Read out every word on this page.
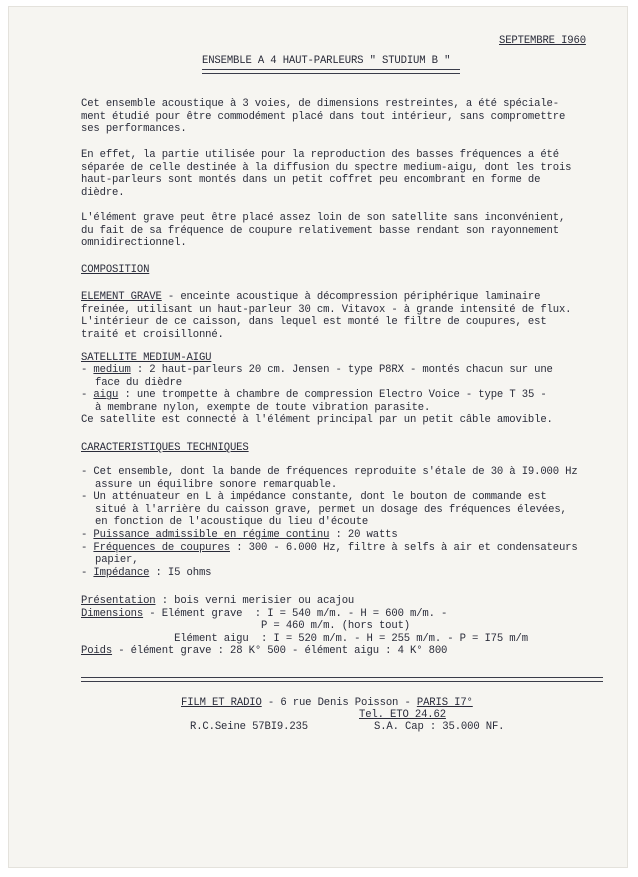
SEPTEMBRE I960
ENSEMBLE A 4 HAUT-PARLEURS " STUDIUM B "
Cet ensemble acoustique à 3 voies, de dimensions restreintes, a été spéciale-
ment étudié pour être commodément placé dans tout intérieur, sans compromettre
ses performances.
En effet, la partie utilisée pour la reproduction des basses fréquences a été
séparée de celle destinée à la diffusion du spectre medium-aigu, dont les trois
haut-parleurs sont montés dans un petit coffret peu encombrant en forme de
dièdre.
L'élément grave peut être placé assez loin de son satellite sans inconvénient,
du fait de sa fréquence de coupure relativement basse rendant son rayonnement
omnidirectionnel.
COMPOSITION
ELEMENT GRAVE - enceinte acoustique à décompression périphérique laminaire
freinée, utilisant un haut-parleur 30 cm. Vitavox - à grande intensité de flux.
L'intérieur de ce caisson, dans lequel est monté le filtre de coupures, est
traité et croisillonné.
SATELLITE MEDIUM-AIGU
- medium : 2 haut-parleurs 20 cm. Jensen - type P8RX - montés chacun sur une
face du dièdre
- aigu : une trompette à chambre de compression Electro Voice - type T 35 -
à membrane nylon, exempte de toute vibration parasite.
Ce satellite est connecté à l'élément principal par un petit câble amovible.
CARACTERISTIQUES TECHNIQUES
- Cet ensemble, dont la bande de fréquences reproduite s'étale de 30 à I9.000 Hz
assure un équilibre sonore remarquable.
- Un atténuateur en L à impédance constante, dont le bouton de commande est
situé à l'arrière du caisson grave, permet un dosage des fréquences élevées,
en fonction de l'acoustique du lieu d'écoute
- Puissance admissible en régime continu : 20 watts
- Fréquences de coupures : 300 - 6.000 Hz, filtre à selfs à air et condensateurs
papier,
- Impédance : I5 ohms
Présentation : bois verni merisier ou acajou
Dimensions - Elément grave  : I = 540 m/m. - H = 600 m/m. -
P = 460 m/m. (hors tout)
Elément aigu  : I = 520 m/m. - H = 255 m/m. - P = I75 m/m
Poids - élément grave : 28 K° 500 - élément aigu : 4 K° 800
FILM ET RADIO - 6 rue Denis Poisson - PARIS I7°
Tel. ETO 24.62
R.C.Seine 57BI9.235	S.A. Cap : 35.000 NF.
